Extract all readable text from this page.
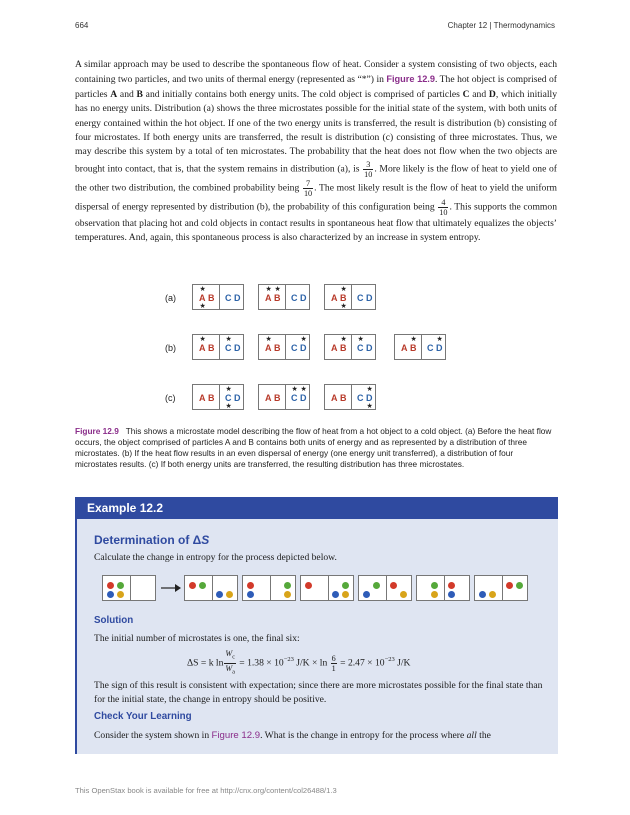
664	Chapter 12 | Thermodynamics
A similar approach may be used to describe the spontaneous flow of heat. Consider a system consisting of two objects, each containing two particles, and two units of thermal energy (represented as “*”) in Figure 12.9. The hot object is comprised of particles A and B and initially contains both energy units. The cold object is comprised of particles C and D, which initially has no energy units. Distribution (a) shows the three microstates possible for the initial state of the system, with both units of energy contained within the hot object. If one of the two energy units is transferred, the result is distribution (b) consisting of four microstates. If both energy units are transferred, the result is distribution (c) consisting of three microstates. Thus, we may describe this system by a total of ten microstates. The probability that the heat does not flow when the two objects are brought into contact, that is, that the system remains in distribution (a), is $\frac{3}{10}$ . More likely is the flow of heat to yield one of the other two distribution, the combined probability being $\frac{7}{10}$ . The most likely result is the flow of heat to yield the uniform dispersal of energy represented by distribution (b), the probability of this configuration being $\frac{4}{10}$ . This supports the common observation that placing hot and cold objects in contact results in spontaneous heat flow that ultimately equalizes the objects’ temperatures. And, again, this spontaneous process is also characterized by an increase in system entropy.
(a)	A B C D
★
★
A B C D
★ ★
A B C D
★
★
(b)	A B C D
★	★
A B C D
★	★
A B C D
★ ★
A B C D
★	★
(c)	A B C D
★
★
A B C D
★ ★
A B C D
★
★
Figure 12.9 This shows a microstate model describing the flow of heat from a hot object to a cold object. (a) Before the heat flow occurs, the object comprised of particles A and B contains both units of energy and as represented by a distribution of three microstates. (b) If the heat flow results in an even dispersal of energy (one energy unit transferred), a distribution of four microstates results. (c) If both energy units are transferred, the resulting distribution has three microstates.
Example 12.2
Determination of ΔS
Calculate the change in entropy for the process depicted below.
Solution
The initial number of microstates is one, the final six:
ΔS = k $\ln \frac{W_c}{W_a} = 1.38 \times 10^{-23}$ $J/K \times \ln \frac{6}{1} = 2.47 \times 10^{-23}$ J/K
The sign of this result is consistent with expectation; since there are more microstates possible for the final state than for the initial state, the change in entropy should be positive.
Check Your Learning
Consider the system shown in Figure 12.9. What is the change in entropy for the process where all the
This OpenStax book is available for free at http://cnx.org/content/col26488/1.3
